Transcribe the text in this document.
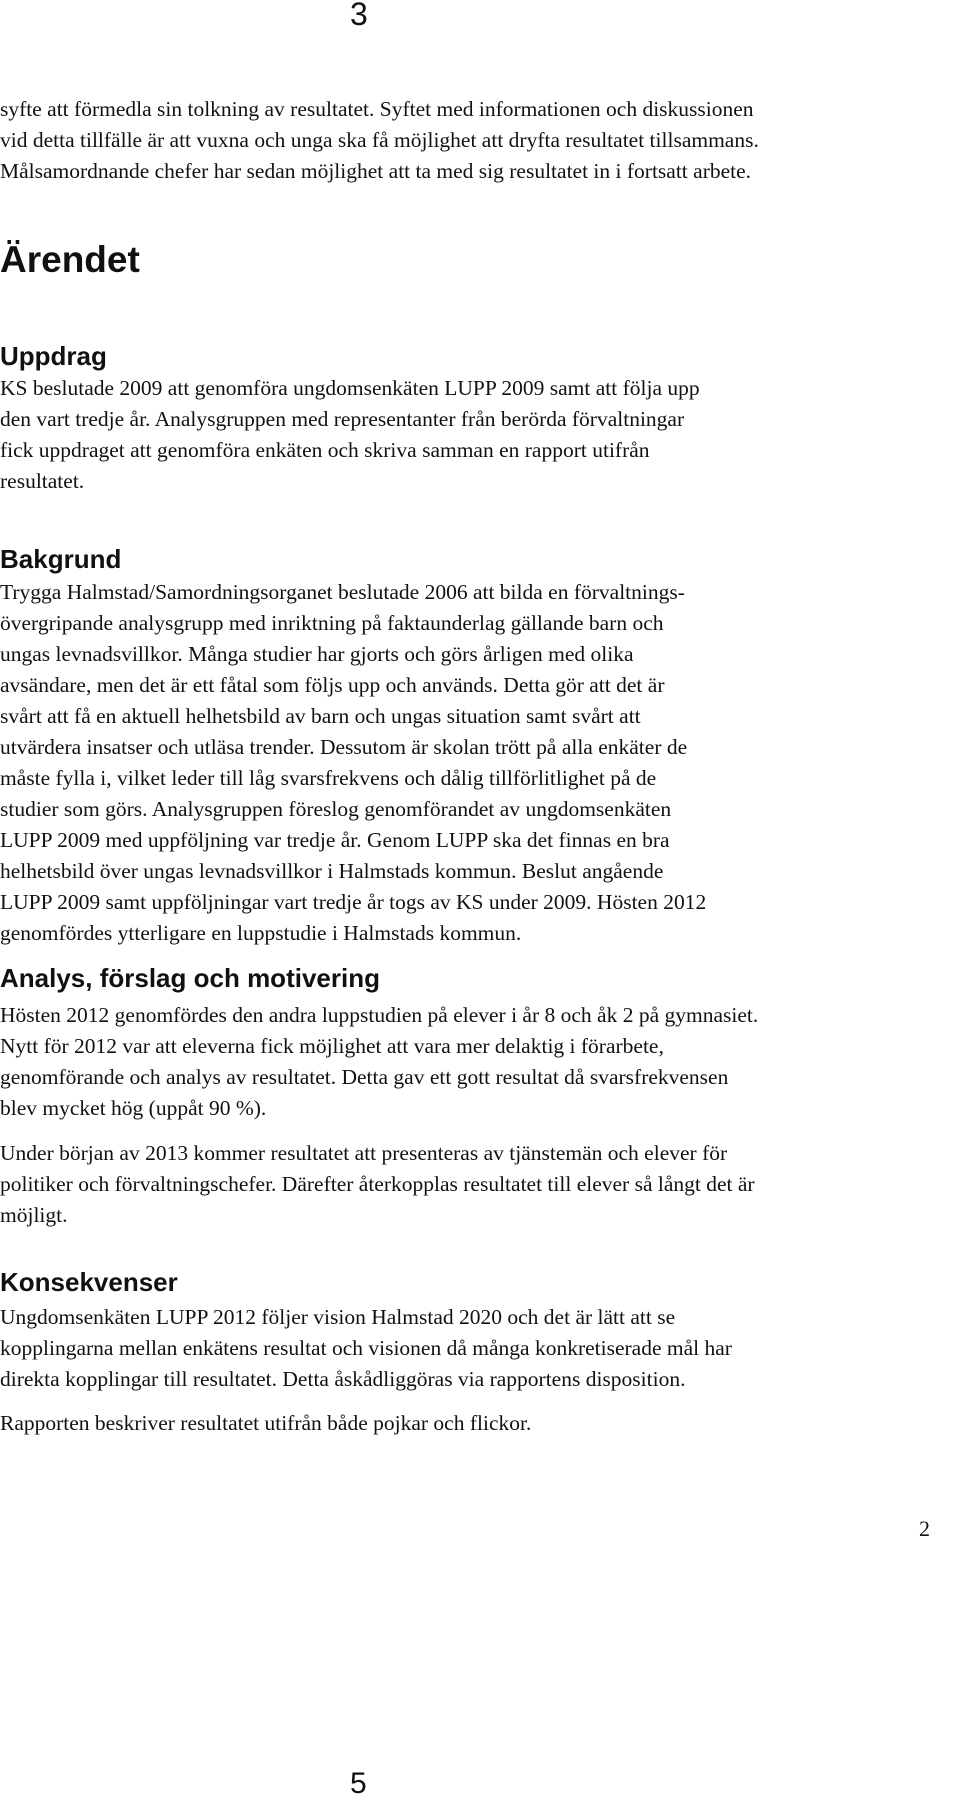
3
syfte att förmedla sin tolkning av resultatet. Syftet med informationen och diskussionen
vid detta tillfälle är att vuxna och unga ska få möjlighet att dryfta resultatet tillsammans.
Målsamordnande chefer har sedan möjlighet att ta med sig resultatet in i fortsatt arbete.
Ärendet
Uppdrag
KS beslutade 2009 att genomföra ungdomsenkäten LUPP 2009 samt att följa upp
den vart tredje år. Analysgruppen med representanter från berörda förvaltningar
fick uppdraget att genomföra enkäten och skriva samman en rapport utifrån
resultatet.
Bakgrund
Trygga Halmstad/Samordningsorganet beslutade 2006 att bilda en förvaltnings-
övergripande analysgrupp med inriktning på faktaunderlag gällande barn och
ungas levnadsvillkor. Många studier har gjorts och görs årligen med olika
avsändare, men det är ett fåtal som följs upp och används. Detta gör att det är
svårt att få en aktuell helhetsbild av barn och ungas situation samt svårt att
utvärdera insatser och utläsa trender. Dessutom är skolan trött på alla enkäter de
måste fylla i, vilket leder till låg svarsfrekvens och dålig tillförlitlighet på de
studier som görs. Analysgruppen föreslog genomförandet av ungdomsenkäten
LUPP 2009 med uppföljning var tredje år. Genom LUPP ska det finnas en bra
helhetsbild över ungas levnadsvillkor i Halmstads kommun. Beslut angående
LUPP 2009 samt uppföljningar vart tredje år togs av KS under 2009. Hösten 2012
genomfördes ytterligare en luppstudie i Halmstads kommun.
Analys, förslag och motivering
Hösten 2012 genomfördes den andra luppstudien på elever i år 8 och åk 2 på gymnasiet.
Nytt för 2012 var att eleverna fick möjlighet att vara mer delaktig i förarbete,
genomförande och analys av resultatet. Detta gav ett gott resultat då svarsfrekvensen
blev mycket hög (uppåt 90 %).
Under början av 2013 kommer resultatet att presenteras av tjänstemän och elever för
politiker och förvaltningschefer. Därefter återkopplas resultatet till elever så långt det är
möjligt.
Konsekvenser
Ungdomsenkäten LUPP 2012 följer vision Halmstad 2020 och det är lätt att se
kopplingarna mellan enkätens resultat och visionen då många konkretiserade mål har
direkta kopplingar till resultatet. Detta åskådliggöras via rapportens disposition.
Rapporten beskriver resultatet utifrån både pojkar och flickor.
2
5
